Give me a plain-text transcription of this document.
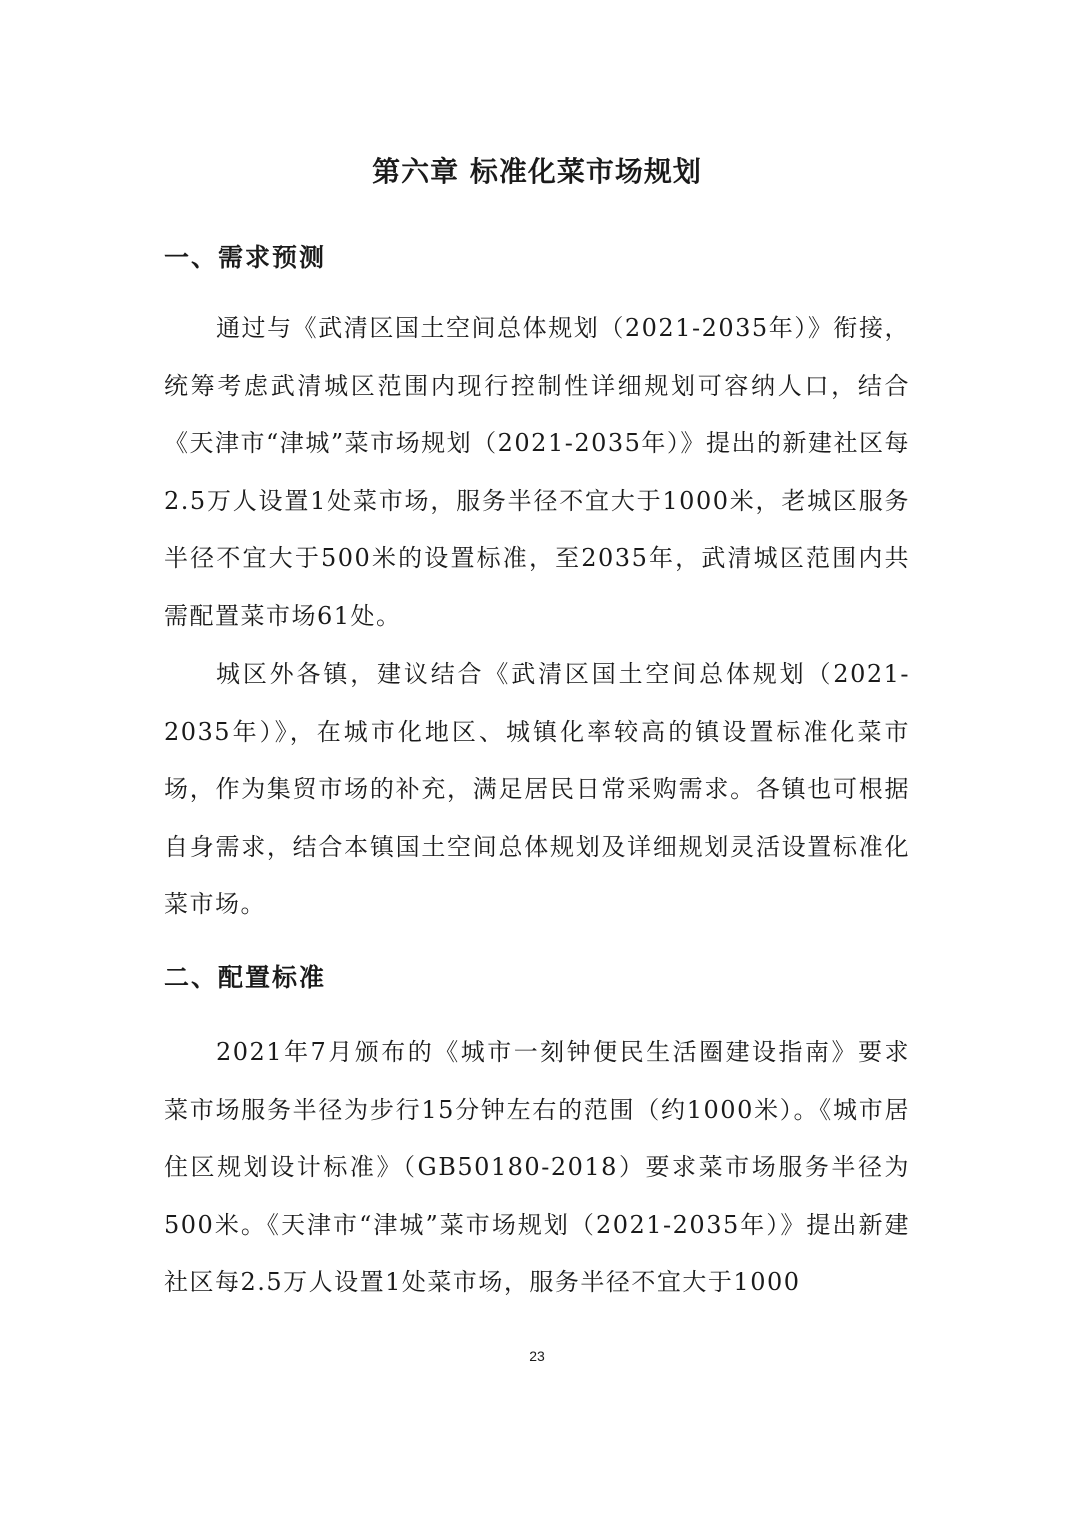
第六章 标准化菜市场规划
一、需求预测

通过与《武清区国土空间总体规划（2021-2035年）》衔接，统筹考虑武清城区范围内现行控制性详细规划可容纳人口，结合《天津市“津城”菜市场规划（2021-2035年）》提出的新建社区每2.5万人设置1处菜市场，服务半径不宜大于1000米，老城区服务半径不宜大于500米的设置标准，至2035年，武清城区范围内共需配置菜市场61处。

城区外各镇，建议结合《武清区国土空间总体规划（2021-2035年）》，在城市化地区、城镇化率较高的镇设置标准化菜市场，作为集贸市场的补充，满足居民日常采购需求。各镇也可根据自身需求，结合本镇国土空间总体规划及详细规划灵活设置标准化菜市场。

二、配置标准

2021年7月颁布的《城市一刻钟便民生活圈建设指南》要求菜市场服务半径为步行15分钟左右的范围（约1000米）。《城市居住区规划设计标准》（GB50180-2018）要求菜市场服务半径为500米。《天津市“津城”菜市场规划（2021-2035年）》提出新建社区每2.5万人设置1处菜市场，服务半径不宜大于1000

23
